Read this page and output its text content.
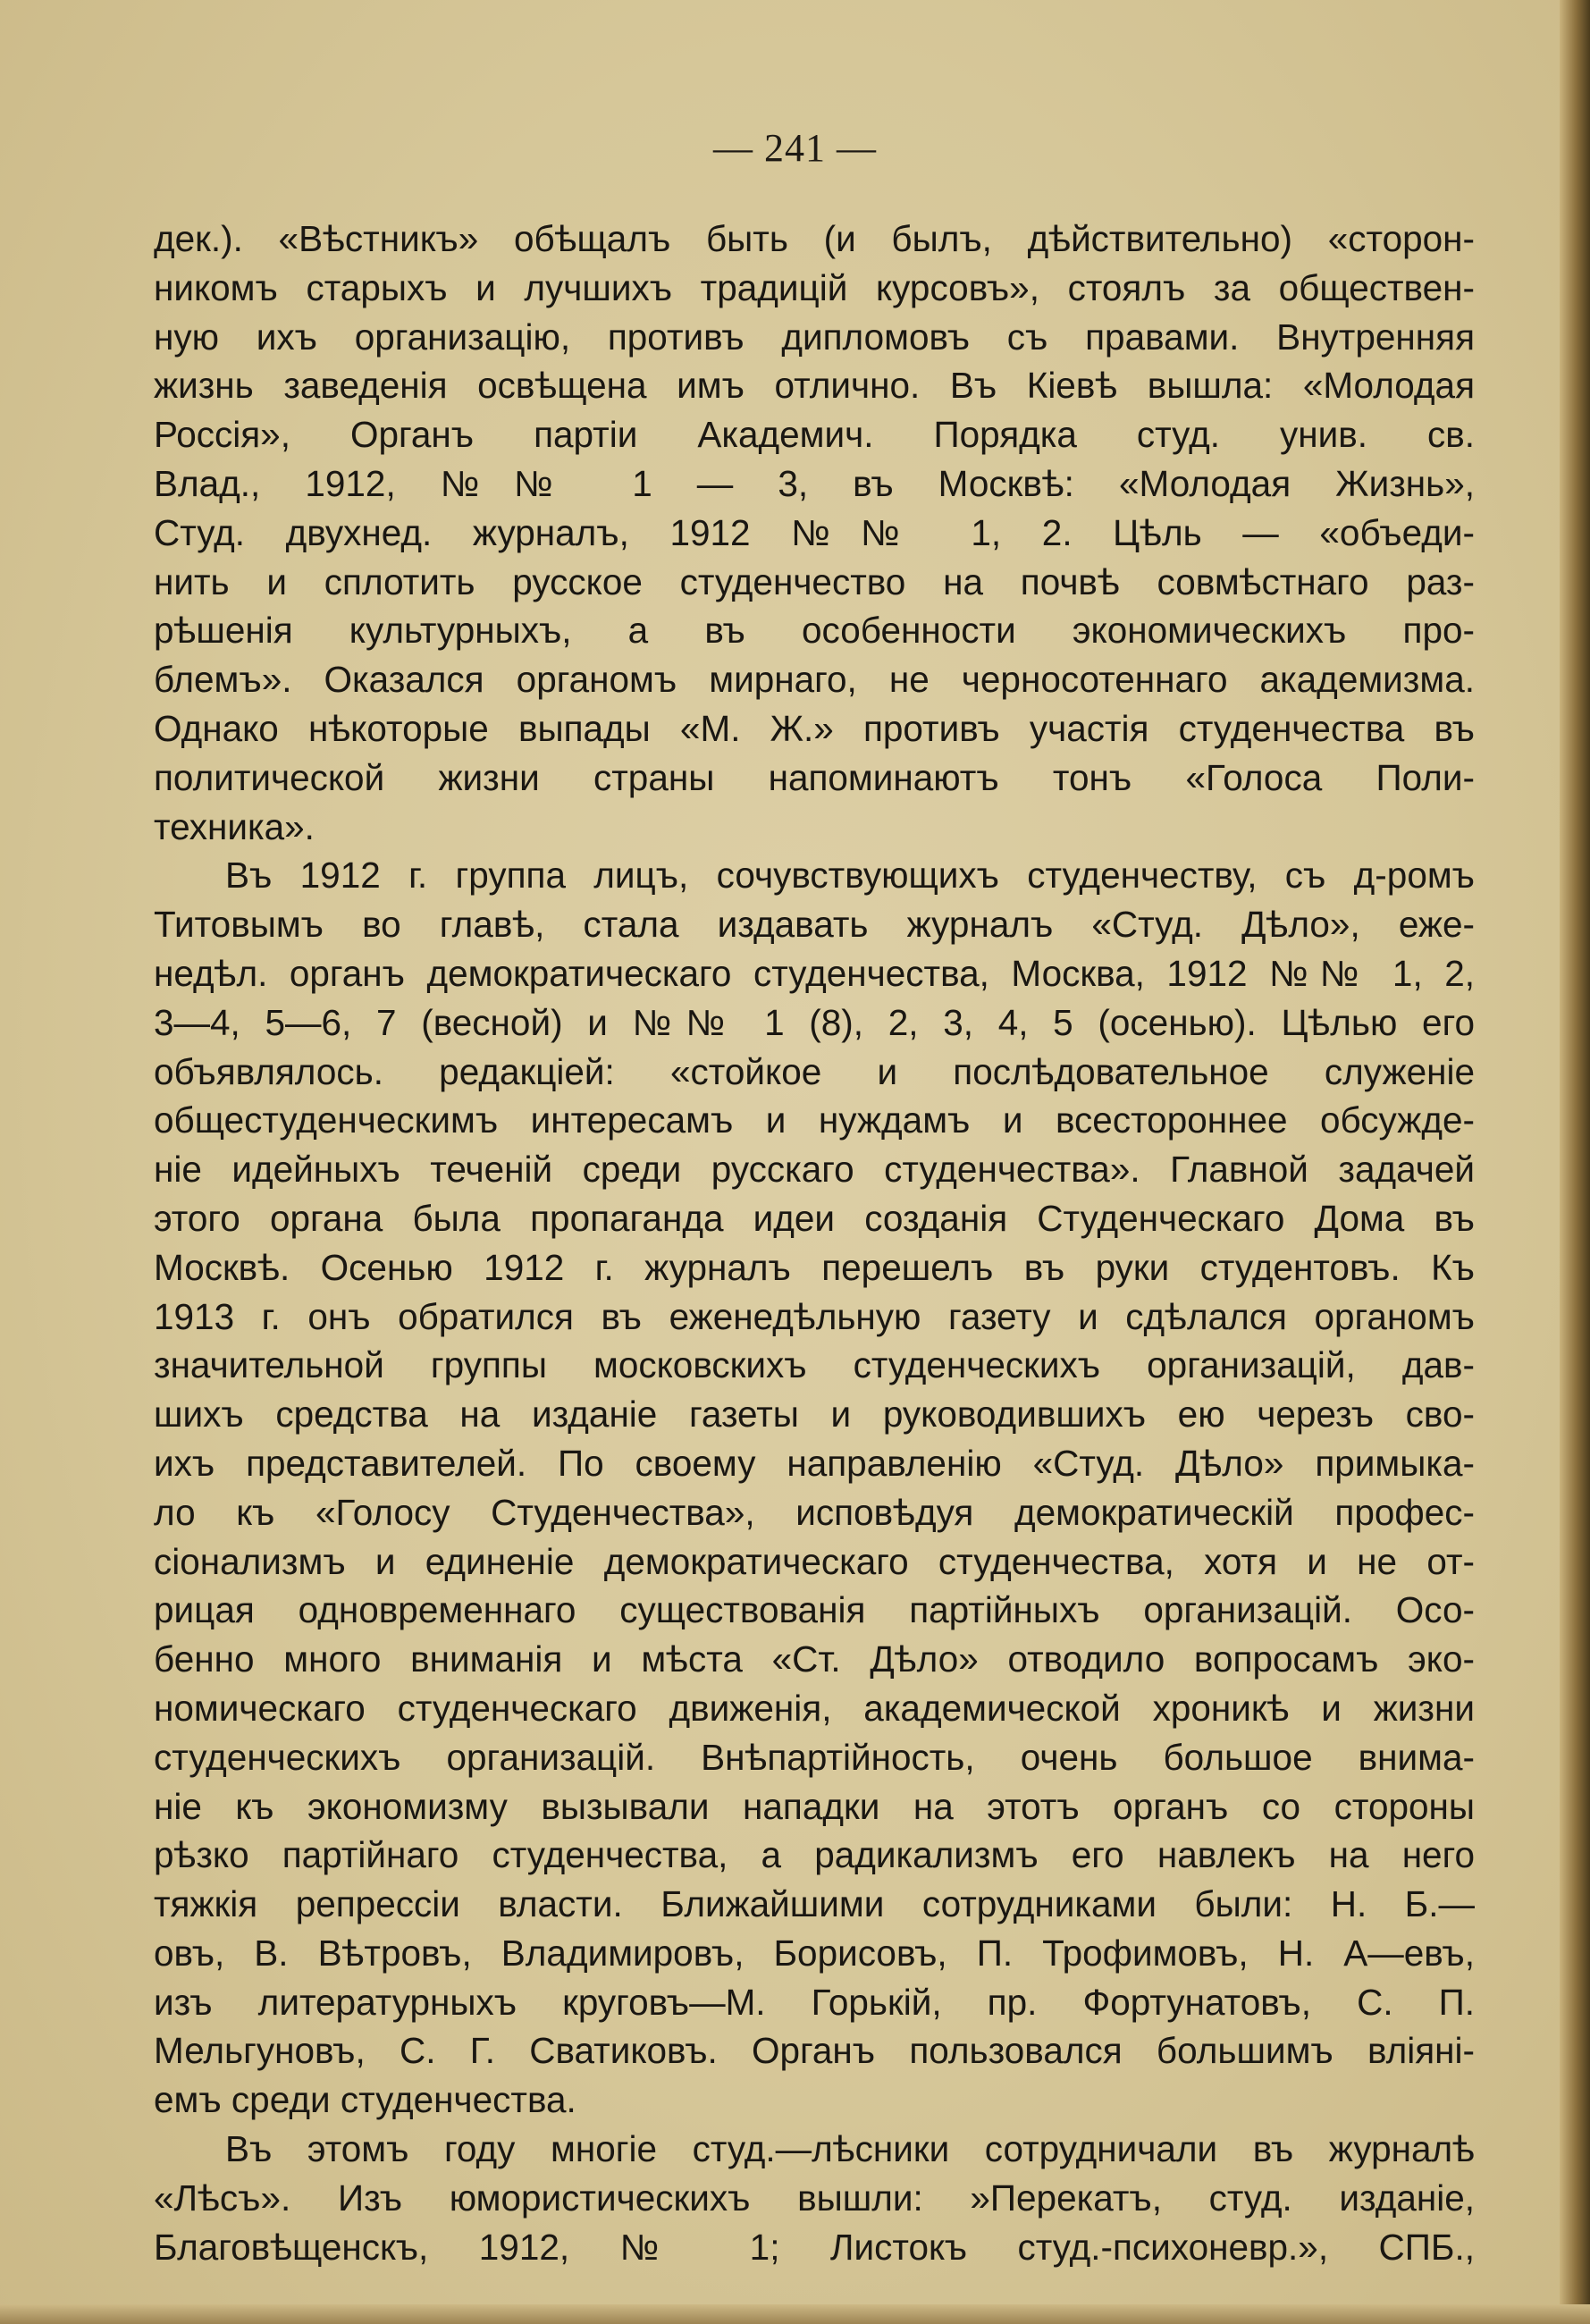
— 241 —
дек.). «Вѣстникъ» обѣщалъ быть (и былъ, дѣйствительно) «сторон-
никомъ старыхъ и лучшихъ традицій курсовъ», стоялъ за обществен-
ную ихъ организацію, противъ дипломовъ съ правами. Внутренняя
жизнь заведенія освѣщена имъ отлично. Въ Кіевѣ вышла: «Молодая
Россія», Органъ партіи Академич. Порядка студ. унив. св.
Влад., 1912, №№ 1 — 3, въ Москвѣ: «Молодая Жизнь»,
Студ. двухнед. журналъ, 1912 №№ 1, 2. Цѣль — «объеди-
нить и сплотить русское студенчество на почвѣ совмѣстнаго раз-
рѣшенія культурныхъ, а въ особенности экономическихъ про-
блемъ». Оказался органомъ мирнаго, не черносотеннаго академизма.
Однако нѣкоторые выпады «М. Ж.» противъ участія студенчества въ
политической жизни страны напоминаютъ тонъ «Голоса Поли-
техника».
Въ 1912 г. группа лицъ, сочувствующихъ студенчеству, съ д-ромъ
Титовымъ во главѣ, стала издавать журналъ «Студ. Дѣло», еже-
недѣл. органъ демократическаго студенчества, Москва, 1912 №№ 1, 2,
3—4, 5—6, 7 (весной) и №№ 1 (8), 2, 3, 4, 5 (осенью). Цѣлью его
объявлялось. редакціей: «стойкое и послѣдовательное служеніе
общестуденческимъ интересамъ и нуждамъ и всестороннее обсужде-
ніе идейныхъ теченій среди русскаго студенчества». Главной задачей
этого органа была пропаганда идеи созданія Студенческаго Дома въ
Москвѣ. Осенью 1912 г. журналъ перешелъ въ руки студентовъ. Къ
1913 г. онъ обратился въ еженедѣльную газету и сдѣлался органомъ
значительной группы московскихъ студенческихъ организацій, дав-
шихъ средства на изданіе газеты и руководившихъ ею черезъ сво-
ихъ представителей. По своему направленію «Студ. Дѣло» примыка-
ло къ «Голосу Студенчества», исповѣдуя демократическій профес-
сіонализмъ и единеніе демократическаго студенчества, хотя и не от-
рицая одновременнаго существованія партійныхъ организацій. Осо-
бенно много вниманія и мѣста «Ст. Дѣло» отводило вопросамъ эко-
номическаго студенческаго движенія, академической хроникѣ и жизни
студенческихъ организацій. Внѣпартійность, очень большое внима-
ніе къ экономизму вызывали нападки на этотъ органъ со стороны
рѣзко партійнаго студенчества, а радикализмъ его навлекъ на него
тяжкія репрессіи власти. Ближайшими сотрудниками были: Н. Б.—
овъ, В. Вѣтровъ, Владимировъ, Борисовъ, П. Трофимовъ, Н. А—евъ,
изъ литературныхъ круговъ—М. Горькій, пр. Фортунатовъ, С. П.
Мельгуновъ, С. Г. Сватиковъ. Органъ пользовался большимъ вліяні-
емъ среди студенчества.
Въ этомъ году многіе студ.—лѣсники сотрудничали въ журналѣ
«Лѣсъ». Изъ юмористическихъ вышли: »Перекатъ, студ. изданіе,
Благовѣщенскъ, 1912, № 1; Листокъ студ.-психоневр.», СПБ.,
